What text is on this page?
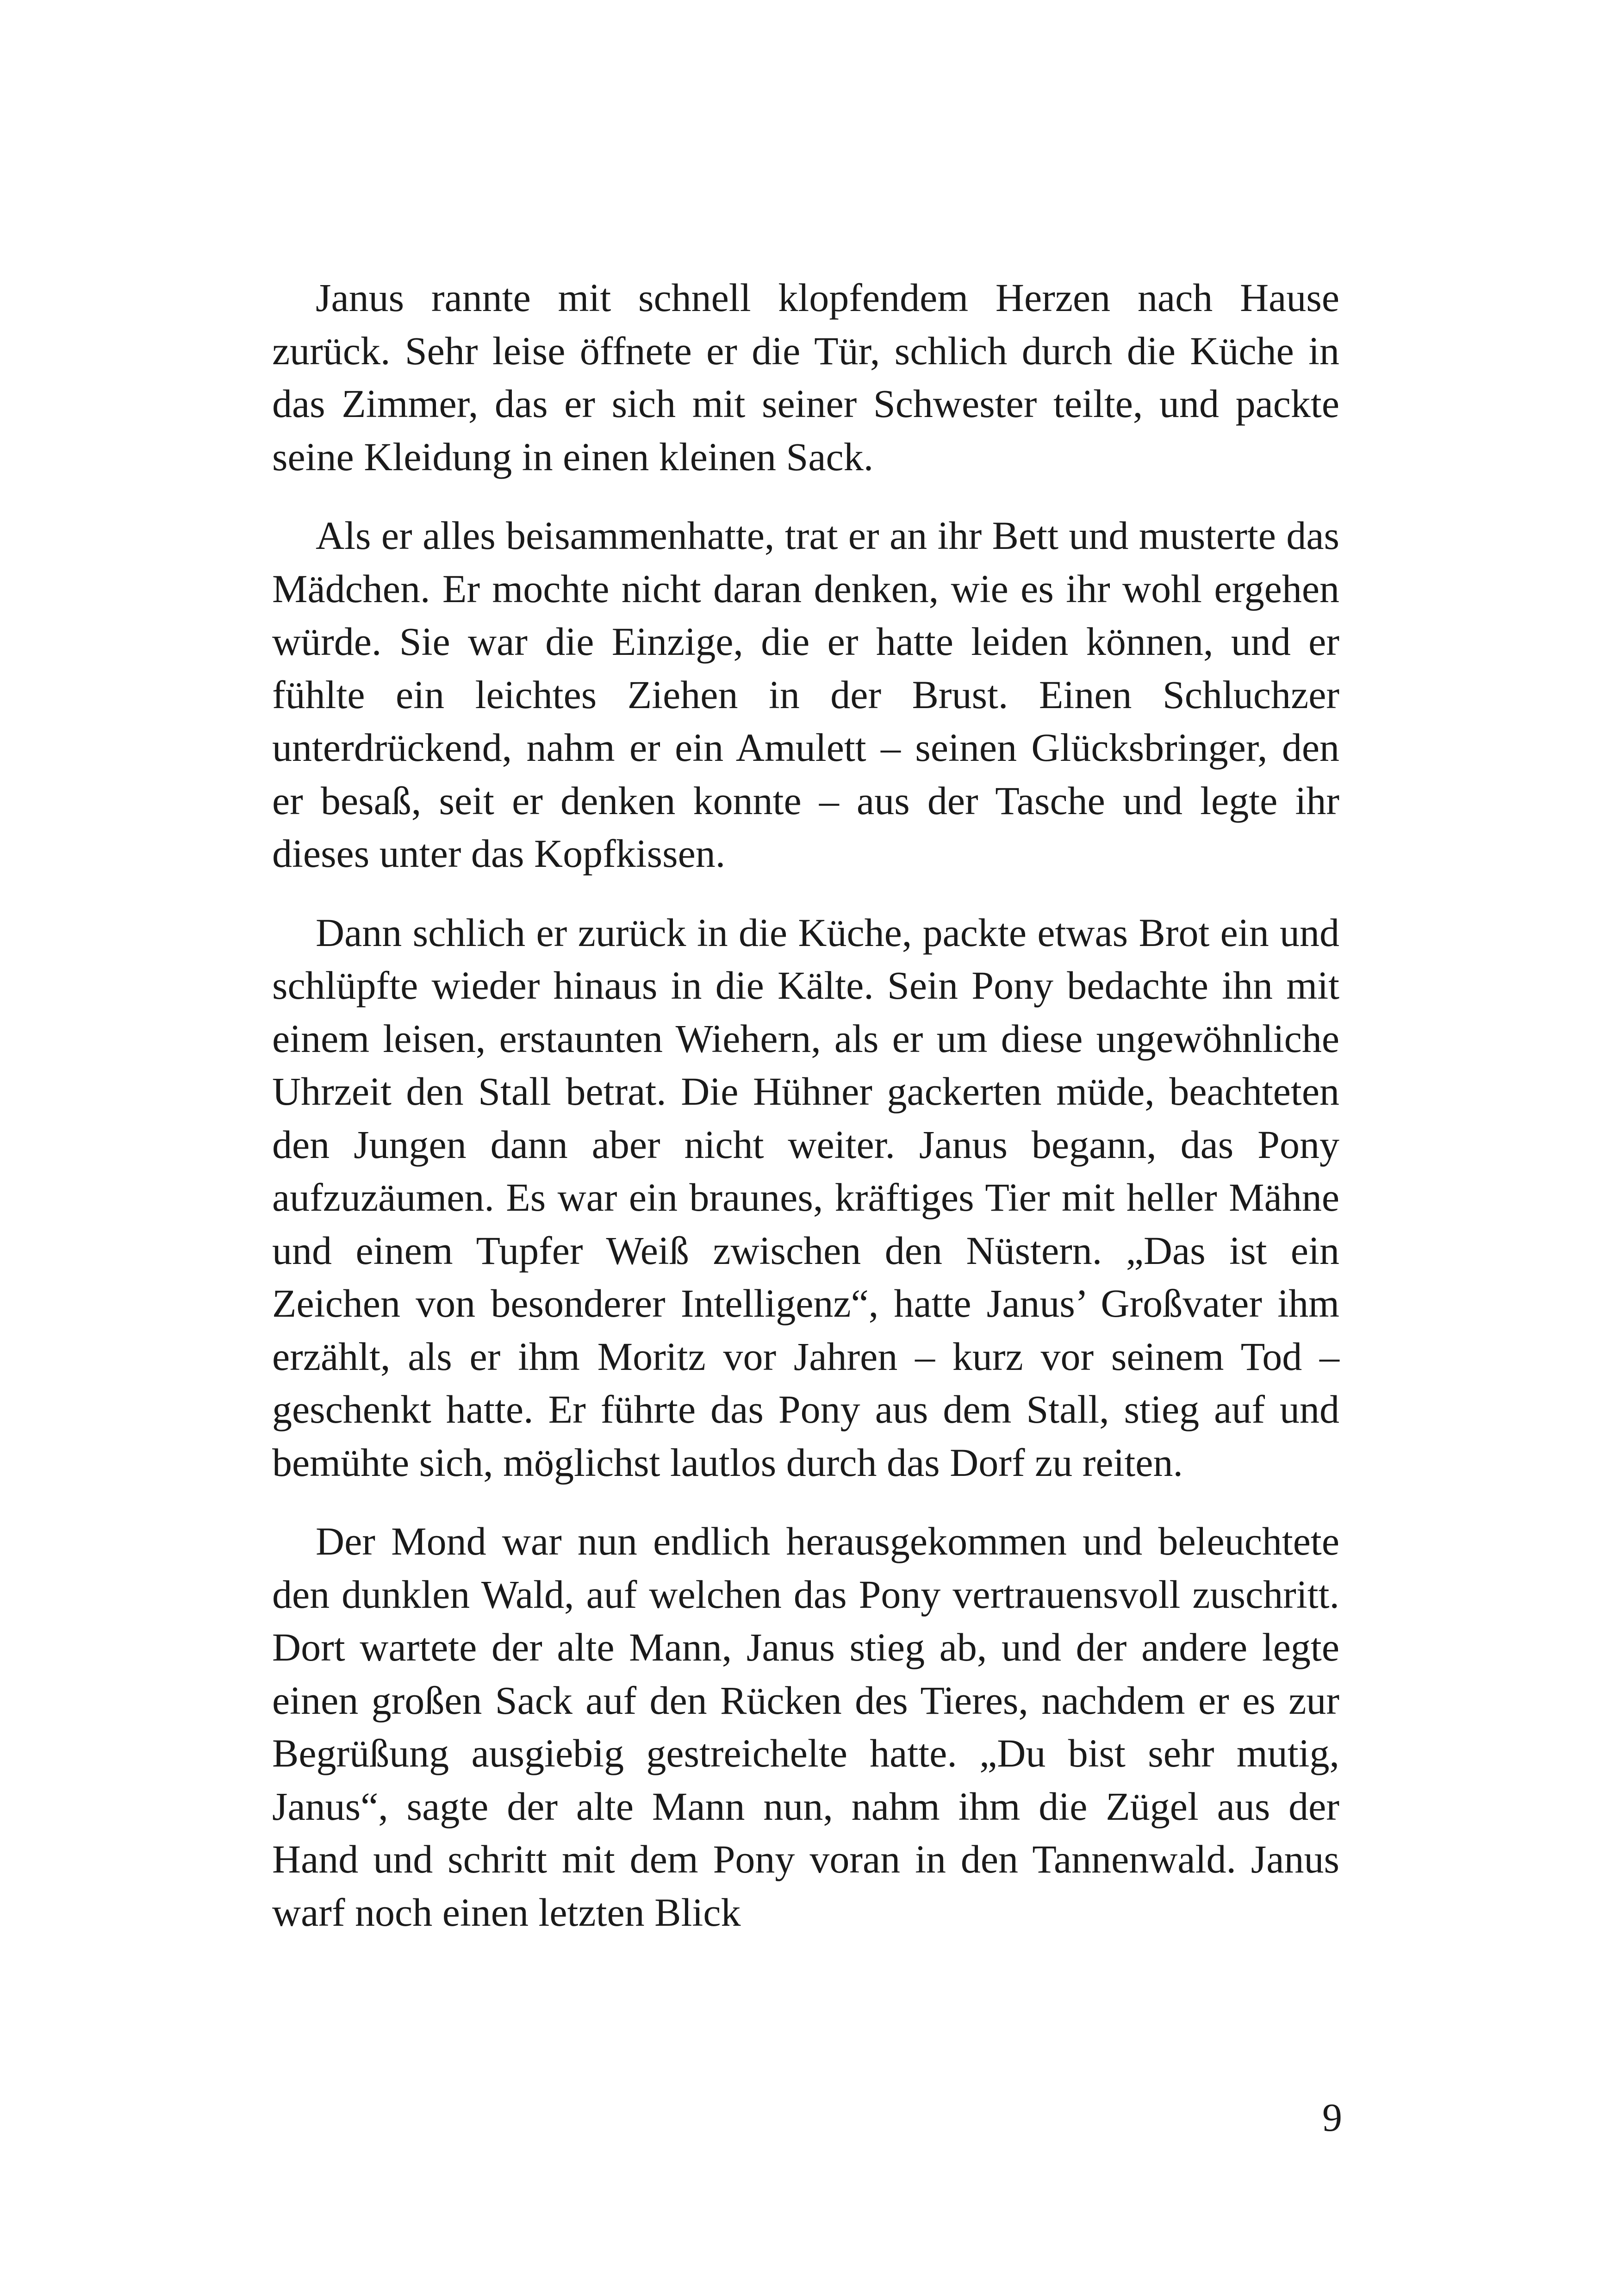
Janus rannte mit schnell klopfendem Herzen nach Hause zurück. Sehr leise öffnete er die Tür, schlich durch die Küche in das Zimmer, das er sich mit seiner Schwester teilte, und packte seine Kleidung in einen kleinen Sack.

Als er alles beisammenhatte, trat er an ihr Bett und musterte das Mädchen. Er mochte nicht daran denken, wie es ihr wohl ergehen würde. Sie war die Einzige, die er hatte leiden können, und er fühlte ein leichtes Ziehen in der Brust. Einen Schluchzer unterdrückend, nahm er ein Amulett – seinen Glücksbringer, den er besaß, seit er denken konnte – aus der Tasche und legte ihr dieses unter das Kopfkissen.

Dann schlich er zurück in die Küche, packte etwas Brot ein und schlüpfte wieder hinaus in die Kälte. Sein Pony bedachte ihn mit einem leisen, erstaunten Wiehern, als er um diese ungewöhnliche Uhrzeit den Stall betrat. Die Hühner gackerten müde, beachteten den Jungen dann aber nicht weiter. Janus begann, das Pony aufzuzäumen. Es war ein braunes, kräftiges Tier mit heller Mähne und einem Tupfer Weiß zwischen den Nüstern. „Das ist ein Zeichen von besonderer Intelligenz“, hatte Janus’ Großvater ihm erzählt, als er ihm Moritz vor Jahren – kurz vor seinem Tod – geschenkt hatte. Er führte das Pony aus dem Stall, stieg auf und bemühte sich, möglichst lautlos durch das Dorf zu reiten.

Der Mond war nun endlich herausgekommen und beleuchtete den dunklen Wald, auf welchen das Pony vertrauensvoll zuschritt. Dort wartete der alte Mann, Janus stieg ab, und der andere legte einen großen Sack auf den Rücken des Tieres, nachdem er es zur Begrüßung ausgiebig gestreichelte hatte. „Du bist sehr mutig, Janus“, sagte der alte Mann nun, nahm ihm die Zügel aus der Hand und schritt mit dem Pony voran in den Tannenwald. Janus warf noch einen letzten Blick

9
